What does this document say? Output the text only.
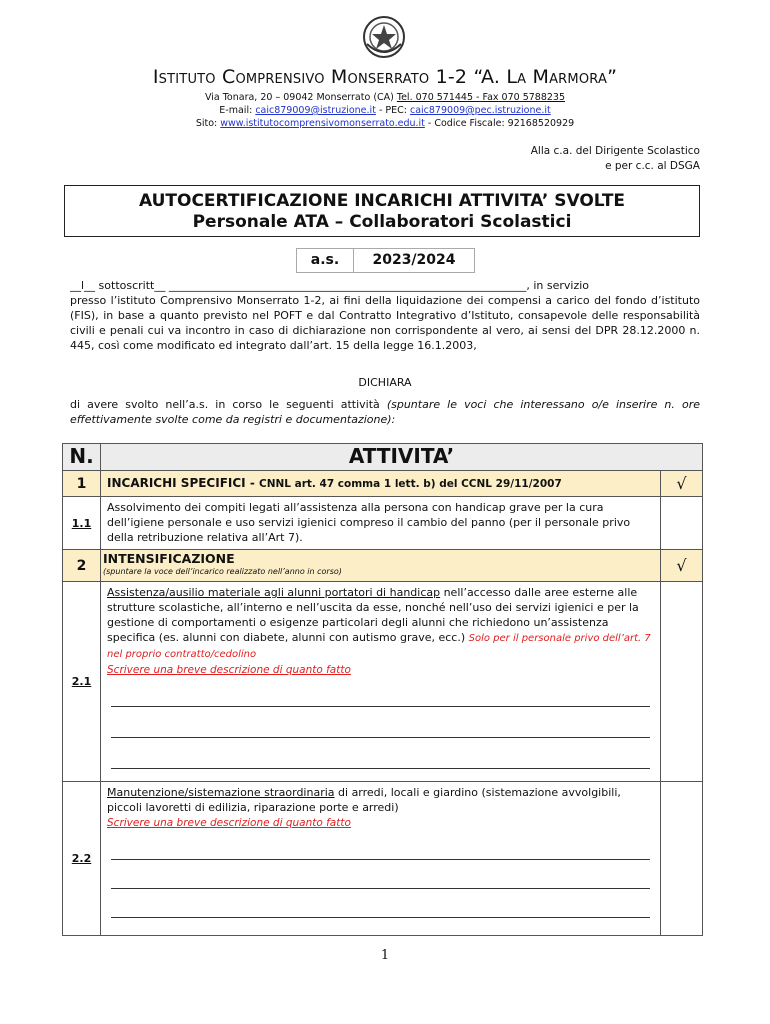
Istituto Comprensivo Monserrato 1-2 “A. La Marmora”
Via Tonara, 20 – 09042 Monserrato (CA) Tel. 070 571445 - Fax 070 5788235
E-mail: caic879009@istruzione.it - PEC: caic879009@pec.istruzione.it
Sito: www.istitutocomprensivomonserrato.edu.it - Codice Fiscale: 92168520929
Alla c.a. del Dirigente Scolastico
e per c.c. al DSGA
AUTOCERTIFICAZIONE INCARICHI ATTIVITA’ SVOLTE
Personale ATA – Collaboratori Scolastici
a.s.	2023/2024
__l__ sottoscritt__ _________________________________________________________________, in servizio
presso l’istituto Comprensivo Monserrato 1-2, ai fini della liquidazione dei compensi a carico del fondo d’istituto (FIS), in base a quanto previsto nel POFT e dal Contratto Integrativo d’Istituto, consapevole delle responsabilità civili e penali cui va incontro in caso di dichiarazione non corrispondente al vero, ai sensi del DPR 28.12.2000 n. 445, così come modificato ed integrato dall’art. 15 della legge 16.1.2003,
DICHIARA
di avere svolto nell’a.s. in corso le seguenti attività (spuntare le voci che interessano o/e inserire n. ore effettivamente svolte come da registri e documentazione):
N.	ATTIVITA’	
1	INCARICHI SPECIFICI - CNNL art. 47 comma 1 lett. b) del CCNL 29/11/2007	√
1.1	Assolvimento dei compiti legati all’assistenza alla persona con handicap grave per la cura dell’igiene personale e uso servizi igienici compreso il cambio del panno (per il personale privo della retribuzione relativa all’Art 7).	
2	INTENSIFICAZIONE
(spuntare la voce dell’incarico realizzato nell’anno in corso)	√
2.1	Assistenza/ausilio materiale agli alunni portatori di handicap nell’accesso dalle aree esterne alle strutture scolastiche, all’interno e nell’uscita da esse, nonché nell’uso dei servizi igienici e per la gestione di comportamenti o esigenze particolari degli alunni che richiedono un’assistenza specifica (es. alunni con diabete, alunni con autismo grave, ecc.) Solo per il personale privo dell’art. 7 nel proprio contratto/cedolino
Scrivere una breve descrizione di quanto fatto	

2.2	Manutenzione/sistemazione straordinaria di arredi, locali e giardino (sistemazione avvolgibili, piccoli lavoretti di edilizia, riparazione porte e arredi)
Scrivere una breve descrizione di quanto fatto	

1
